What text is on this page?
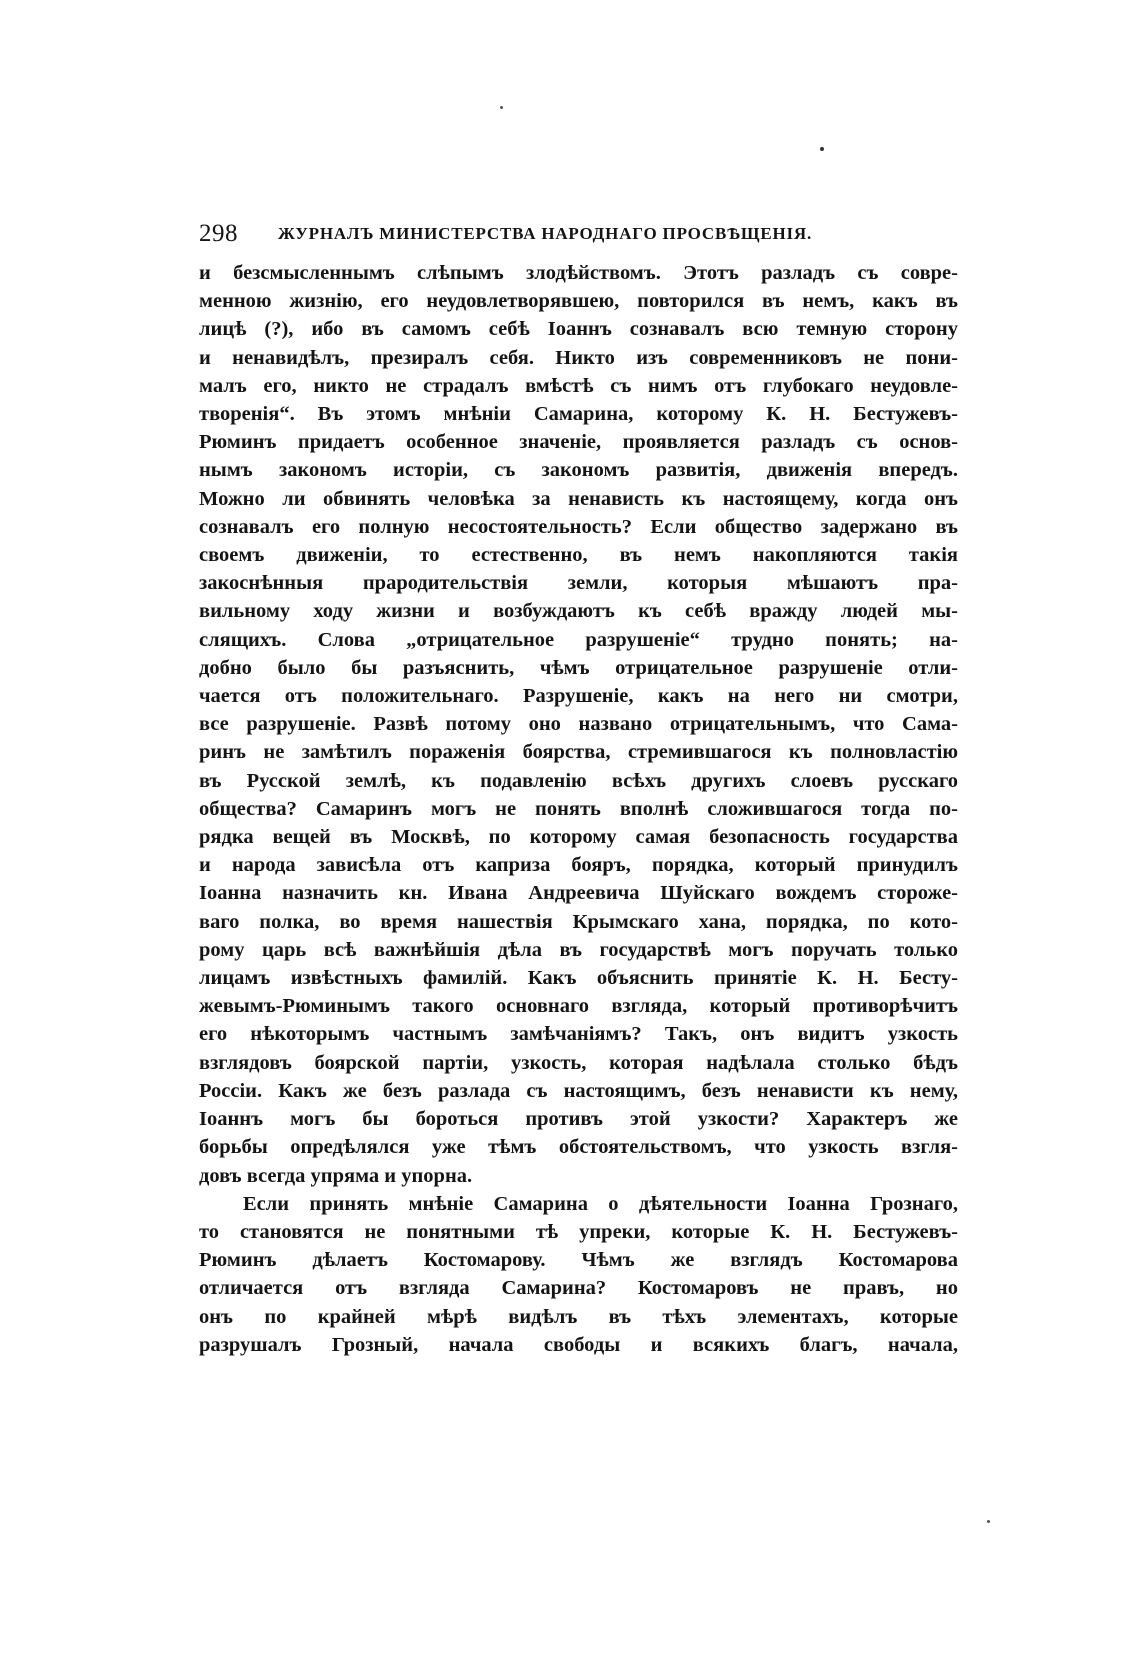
298 ЖУРНАЛЪ МИНИСТЕРСТВА НАРОДНАГО ПРОСВѢЩЕНІЯ.
и безсмысленнымъ слѣпымъ злодѣйствомъ. Этотъ разладъ съ совре-
менною жизнію, его неудовлетворявшею, повторился въ немъ, какъ въ
лицѣ (?), ибо въ самомъ себѣ Іоаннъ сознавалъ всю темную сторону
и ненавидѣлъ, презиралъ себя. Никто изъ современниковъ не пони-
малъ его, никто не страдалъ вмѣстѣ съ нимъ отъ глубокаго неудовле-
творенія“. Въ этомъ мнѣніи Самарина, которому К. Н. Бестужевъ-
Рюминъ придаетъ особенное значеніе, проявляется разладъ съ основ-
нымъ закономъ исторіи, съ закономъ развитія, движенія впередъ.
Можно ли обвинять человѣка за ненависть къ настоящему, когда онъ
сознавалъ его полную несостоятельность? Если общество задержано въ
своемъ движеніи, то естественно, въ немъ накопляются такія
закоснѣнныя прародительствія земли, которыя мѣшаютъ пра-
вильному ходу жизни и возбуждаютъ къ себѣ вражду людей мы-
слящихъ. Слова „отрицательное разрушеніе“ трудно понять; на-
добно было бы разъяснить, чѣмъ отрицательное разрушеніе отли-
чается отъ положительнаго. Разрушеніе, какъ на него ни смотри,
все разрушеніе. Развѣ потому оно названо отрицательнымъ, что Сама-
ринъ не замѣтилъ пораженія боярства, стремившагося къ полновластію
въ Русской землѣ, къ подавленію всѣхъ другихъ слоевъ русскаго
общества? Самаринъ могъ не понять вполнѣ сложившагося тогда по-
рядка вещей въ Москвѣ, по которому самая безопасность государства
и народа зависѣла отъ каприза бояръ, порядка, который принудилъ
Іоанна назначить кн. Ивана Андреевича Шуйскаго вождемъ стороже-
ваго полка, во время нашествія Крымскаго хана, порядка, по кото-
рому царь всѣ важнѣйшія дѣла въ государствѣ могъ поручать только
лицамъ извѣстныхъ фамилій. Какъ объяснить принятіе К. Н. Бесту-
жевымъ-Рюминымъ такого основнаго взгляда, который противорѣчитъ
его нѣкоторымъ частнымъ замѣчаніямъ? Такъ, онъ видитъ узкость
взглядовъ боярской партіи, узкость, которая надѣлала столько бѣдъ
Россіи. Какъ же безъ разлада съ настоящимъ, безъ ненависти къ нему,
Іоаннъ могъ бы бороться противъ этой узкости? Характеръ же
борьбы опредѣлялся уже тѣмъ обстоятельствомъ, что узкость взгля-
довъ всегда упряма и упорна.
Если принять мнѣніе Самарина о дѣятельности Іоанна Грознаго,
то становятся не понятными тѣ упреки, которые К. Н. Бестужевъ-
Рюминъ дѣлаетъ Костомарову. Чѣмъ же взглядъ Костомарова
отличается отъ взгляда Самарина? Костомаровъ не правъ, но
онъ по крайней мѣрѣ видѣлъ въ тѣхъ элементахъ, которые
разрушалъ Грозный, начала свободы и всякихъ благъ, начала,
